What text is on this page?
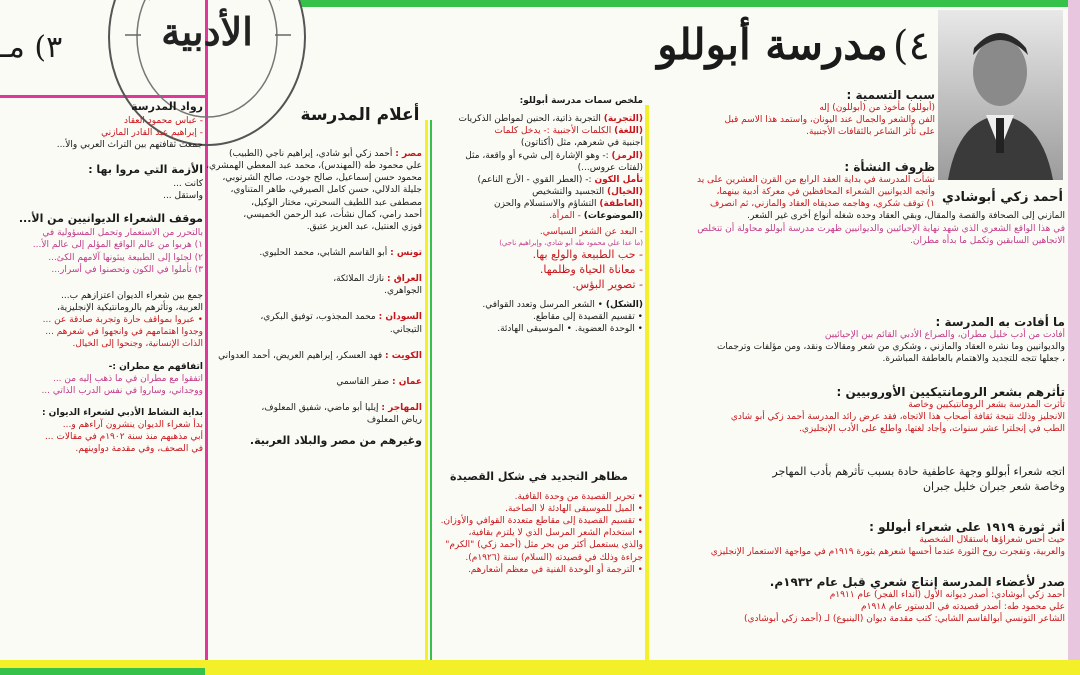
الأدبية	٤) مدرسة أبوللو
٣) مـ
أحمد زكي أبوشادي

سبب التسمية :

(أبوللو) مأخوذ من (أبوللون) إله

الفن والشعر والجمال عند اليونان، واستمد هذا الاسم قبل

على تأثر الشاعر بالثقافات الأجنبية.

ظروف النشأة :

نشأت المدرسة في بداية العقد الرابع من القرن العشرين على يد

وأتجه الديوانيين الشعراء المحافظين في معركة أدبية بينهما،

١) توقف شكري، وهاجمه صديقاه العقاد والمازني، ثم انصرف

المازني إلى الصحافة والقصة والمقال، وبقي العقاد وحده شغله أنواع أخرى غير الشعر.

في هذا الواقع الشعري الذي شهد نهاية الإحيائيين والديوانيين ظهرت مدرسة أبوللو محاولة أن تتخلص

الاتجاهين السابقين وتكمل ما بدأه مطران.

ما أفادت به المدرسة :

أفادت من أدب خليل مطران، والصراع الأدبي القائم بين الإحيائيين

والديوانيين وما نشره العقاد والمازني ، وشكري من شعر ومقالات ونقد، ومن مؤلفات وترجمات

، جعلها تتجه للتجديد والاهتمام بالعاطفة المباشرة.

تأثرهم بشعر الرومانتيكيين الأوروبيين :

تأثرت المدرسة بشعر الرومانتيكيين وخاصة

الانجليز وذلك نتيجة ثقافة أصحاب هذا الاتجاه، فقد عرض رائد المدرسة أحمد زكي أبو شادي

الطب في إنجلترا عشر سنوات، وأجاد لغتها، واطلع على الأدب الإنجليزي.

اتجه شعراء أبوللو وجهة عاطفية حادة بسبب تأثرهم بأدب المهاجر

وخاصة شعر جبران خليل جبران

أثر ثورة ١٩١٩ على شعراء أبوللو :

حيث أحس شعراؤها باستقلال الشخصية

والعربية، وتفجرت روح الثورة عندما أحسها شعرهم بثورة ١٩١٩م في مواجهة الاستعمار الإنجليزي

صدر لأعضاء المدرسة إنتاج شعري قبل عام ١٩٣٢م.

أحمد زكي أبوشادي: أصدر ديوانه الأول (أنداء الفجر) عام ١٩١١م

علي محمود طه: أصدر قصيدته في الدستور عام ١٩١٨م

الشاعر التونسي أبوالقاسم الشابي: كتب مقدمة ديوان (الينبوع) لـ (أحمد زكي أبوشادي)

ملخص سمات مدرسة أبوللو:

(التجربة) التجربة ذاتية، الحنين لمواطن الذكريات

(اللغة) الكلمات الأجنبية :- يدخل كلمات

أجنبية في شعرهم، مثل (أكتاتون)

(الرمز) :- وهو الإشارة إلى شيء أو واقعة، مثل

(لفتات عروس...)

تأمل الكون :- (العطر القوي - الأرج الناعم)

(الخيال) التجسيد والتشخيص

(العاطفة) التشاؤم والاستسلام والحزن

(الموضوعات) - المرأة.

- البعد عن الشعر السياسي.

(ما عدا علي محمود طه أبو شادي، وإبراهيم ناجي)

- حب الطبيعة والولع بها.

- معاناة الحياة وظلمها.

- تصوير البؤس.

(الشكل) • الشعر المرسل وتعدد القوافي.

• تقسيم القصيدة إلى مقاطع.

• الوحدة العضوية. • الموسيقى الهادئة.

مظاهر التجديد في شكل القصيدة

• تحرير القصيدة من وحدة القافية.

• الميل للموسيقى الهادئة لا الصاخبة.

• تقسيم القصيدة إلى مقاطع متعددة القوافي والأوزان.

• استخدام الشعر المرسل الذي لا يلتزم بقافية،

والذي يستعمل أكثر من بحر مثل (أحمد زكي) "الكرم"

جراءة وذلك في قصيدته (السلام) سنة (١٩٢٦م).

• الترجمة أو الوحدة الفنية في معظم أشعارهم.

أعلام المدرسة

مصر : أحمد زكي أبو شادي، إبراهيم ناجي (الطبيب)

علي محمود طه (المهندس)، محمد عبد المعطي الهمشري،

محمود حسن إسماعيل، صالح جودت، صالح الشرنوبي،

جليلة الدلالي، حسن كامل الصيرفي، طاهر المتناوي،

مصطفى عبد اللطيف السحرتي، مختار الوكيل،

أحمد رامي، كمال نشأت، عبد الرحمن الخميسي،

فوزي العنتيل، عبد العزيز عتيق.

تونس : أبو القاسم الشابي، محمد الحليوي.

العراق : نازك الملائكة،

الجواهري.

السودان : محمد المجذوب، توفيق البكري،

التيجاني.

الكويت : فهد العسكر، إبراهيم العريض، أحمد العدواني

عمان : صقر القاسمي

المهاجر : إيليا أبو ماضي، شفيق المعلوف،

رياض المعلوف

وغيرهم من مصر والبلاد العربية.

رواد المدرسة

- عباس محمود العقاد

- إبراهيم عبد القادر المازني

جمعت ثقافتهم بين التراث العربي والأ...

الأزمة التي مروا بها :

كانت ...

واستقل ...

موقف الشعراء الديوانيين من الأ...

بالتحرر من الاستعمار وتحمل المسؤولية في

١) هربوا من عالم الواقع المؤلم إلى عالم الأ...

٢) لجئوا إلى الطبيعة يبثونها آلامهم الكئ...

٣) تأملوا في الكون وتحصنوا في أسرار...

جمع بين شعراء الديوان اعتزازهم ب...

العربية، وتأثرهم بالرومانتيكية الإنجليزية،

• عبروا بمواقف حارة وتجربة صادقة عن ...

وجدوا اهتمامهم في وانجهوا في شعرهم ...

الذات الإنسانية، وجنحوا إلى الخيال.

اتفاقهم مع مطران :-

اتفقوا مع مطران في ما ذهب إليه من ...

ووجداني، وساروا في نفس الدرب الذاتي ...

بداية النشاط الأدبي لشعراء الديوان :

بدأ شعراء الديوان ينشرون آراءهم و...

أبي مذهبهم منذ سنة ١٩٠٢م في مقالات ...

في الصحف، وفي مقدمة دواوينهم.
